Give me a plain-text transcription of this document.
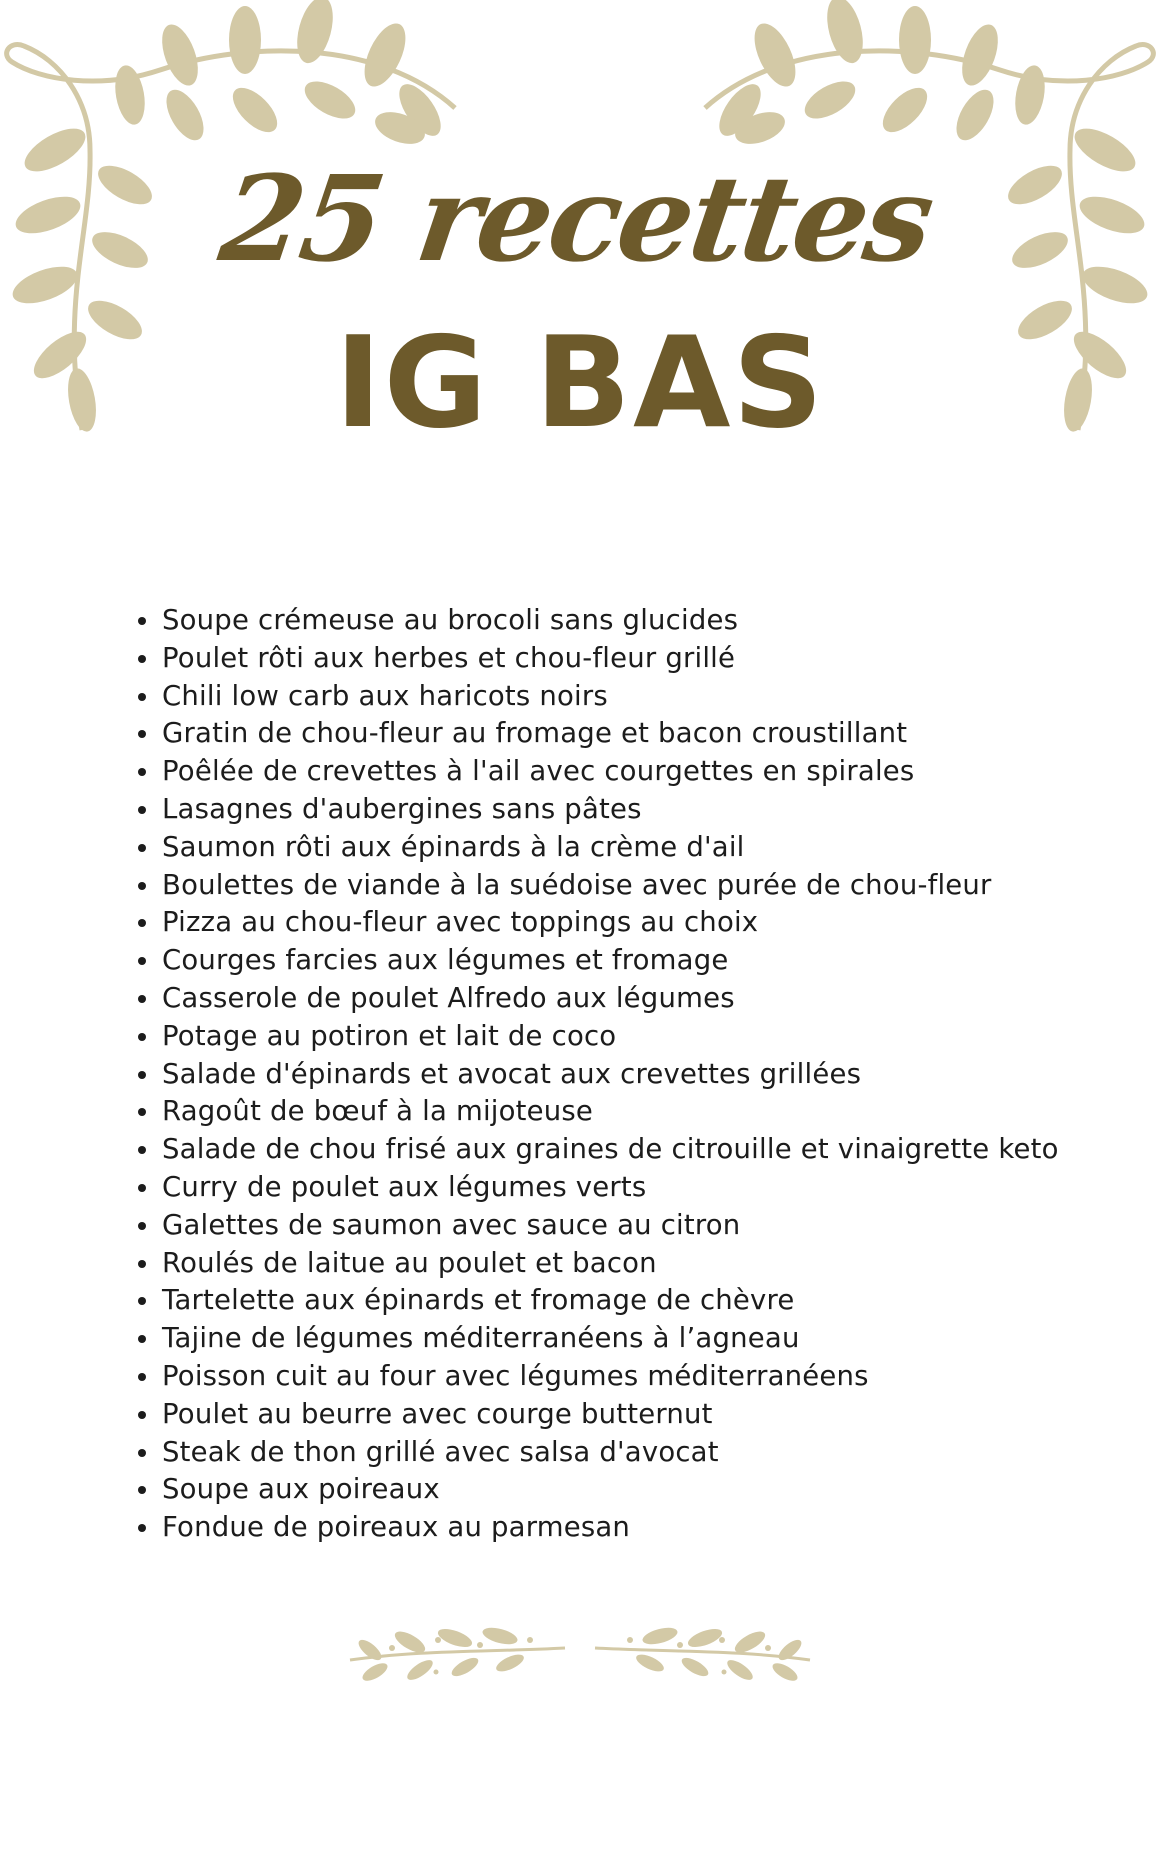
25 recettes
IG BAS
Soupe crémeuse au brocoli sans glucides
Poulet rôti aux herbes et chou-fleur grillé
Chili low carb aux haricots noirs
Gratin de chou-fleur au fromage et bacon croustillant
Poêlée de crevettes à l'ail avec courgettes en spirales
Lasagnes d'aubergines sans pâtes
Saumon rôti aux épinards à la crème d'ail
Boulettes de viande à la suédoise avec purée de chou-fleur
Pizza au chou-fleur avec toppings au choix
Courges farcies aux légumes et fromage
Casserole de poulet Alfredo aux légumes
Potage au potiron et lait de coco
Salade d'épinards et avocat aux crevettes grillées
Ragoût de bœuf à la mijoteuse
Salade de chou frisé aux graines de citrouille et vinaigrette keto
Curry de poulet aux légumes verts
Galettes de saumon avec sauce au citron
Roulés de laitue au poulet et bacon
Tartelette aux épinards et fromage de chèvre
Tajine de légumes méditerranéens à l’agneau
Poisson cuit au four avec légumes méditerranéens
Poulet au beurre avec courge butternut
Steak de thon grillé avec salsa d'avocat
Soupe aux poireaux
Fondue de poireaux au parmesan
